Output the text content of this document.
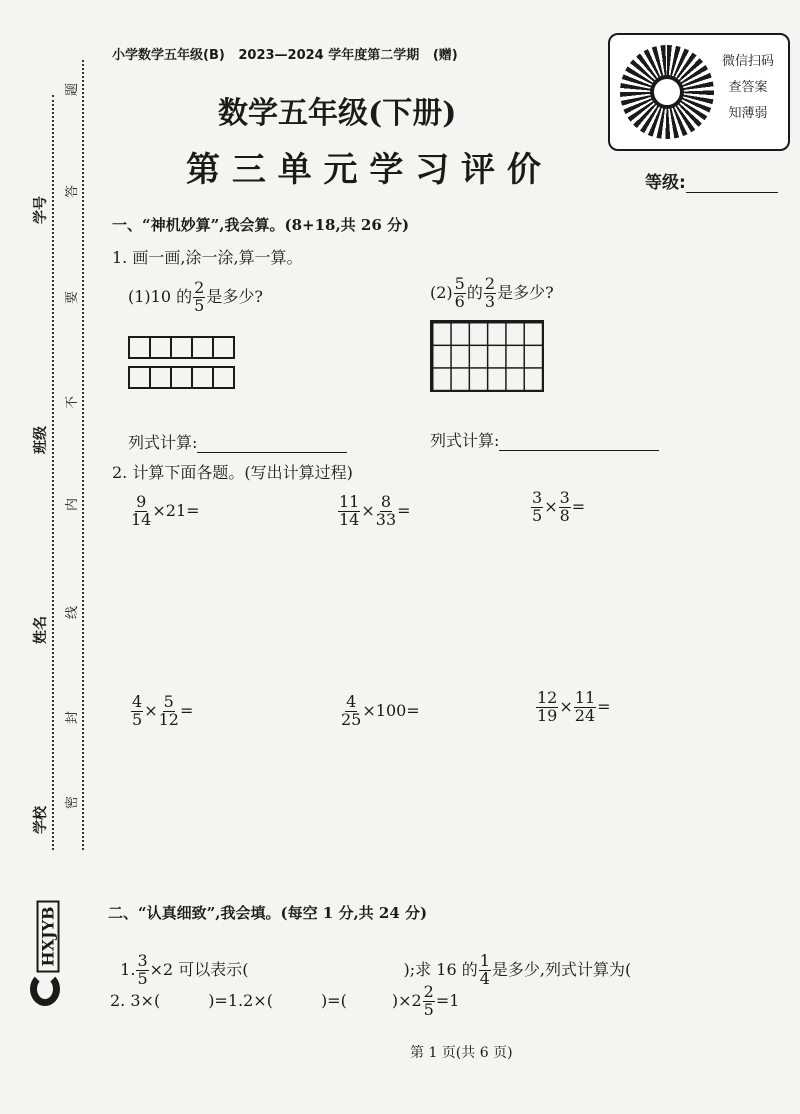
学号
班级
姓名
学校
题
答
要
不
内
线
封
密
HXJYB
小学数学五年级(B)   2023—2024 学年度第二学期   (赠)
数学五年级(下册)
第 三 单 元 学 习 评 价
微信扫码
查答案
知薄弱
等级:
一、“神机妙算”,我会算。(8+18,共 26 分)
1. 画一画,涂一涂,算一算。
(1)10 的 $\frac{2}{5}$ 是多少?	$(2) \frac{5}{6}$ 的 $\frac{2}{3}$ 是多少?
列式计算:	列式计算:
2. 计算下面各题。(写出计算过程)
$\frac{9}{14} \times 21=$	$\frac{11}{14} \times \frac{8}{33}$ =	$\frac{3}{5} \times \frac{3}{8}$ =
$\frac{4}{5} \times \frac{5}{12}$ =	$\frac{4}{25} \times 100=$	$\frac{12}{19} \times \frac{11}{24}$ =
二、“认真细致”,我会填。(每空 1 分,共 24 分)

1. $\frac{3}{5} \times 2$ 可以表示(	);求 16 的 $\frac{1}{4}$ 是多少,列式计算为(

2. 3×(	)=1.2×(	)=(	)$\times 2 \frac{2}{5} =1$
第 1 页(共 6 页)
